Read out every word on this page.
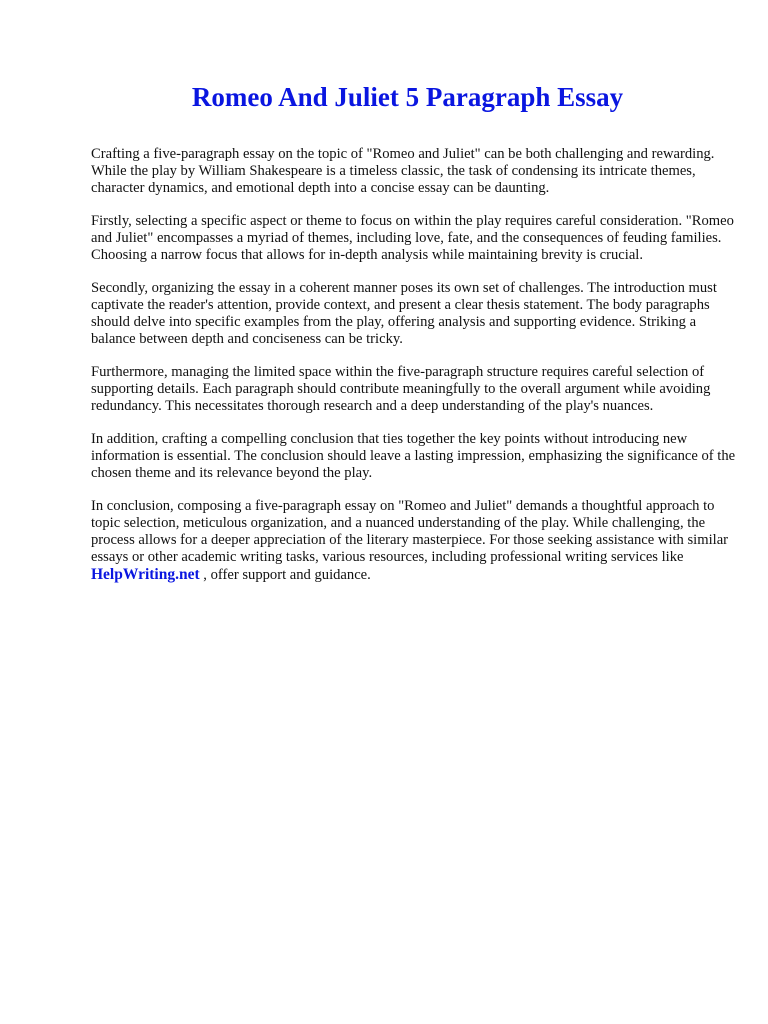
Romeo And Juliet 5 Paragraph Essay

Crafting a five-paragraph essay on the topic of "Romeo and Juliet" can be both challenging and rewarding. While the play by William Shakespeare is a timeless classic, the task of condensing its intricate themes, character dynamics, and emotional depth into a concise essay can be daunting.

Firstly, selecting a specific aspect or theme to focus on within the play requires careful consideration. "Romeo and Juliet" encompasses a myriad of themes, including love, fate, and the consequences of feuding families. Choosing a narrow focus that allows for in-depth analysis while maintaining brevity is crucial.

Secondly, organizing the essay in a coherent manner poses its own set of challenges. The introduction must captivate the reader's attention, provide context, and present a clear thesis statement. The body paragraphs should delve into specific examples from the play, offering analysis and supporting evidence. Striking a balance between depth and conciseness can be tricky.

Furthermore, managing the limited space within the five-paragraph structure requires careful selection of supporting details. Each paragraph should contribute meaningfully to the overall argument while avoiding redundancy. This necessitates thorough research and a deep understanding of the play's nuances.

In addition, crafting a compelling conclusion that ties together the key points without introducing new information is essential. The conclusion should leave a lasting impression, emphasizing the significance of the chosen theme and its relevance beyond the play.

In conclusion, composing a five-paragraph essay on "Romeo and Juliet" demands a thoughtful approach to topic selection, meticulous organization, and a nuanced understanding of the play. While challenging, the process allows for a deeper appreciation of the literary masterpiece. For those seeking assistance with similar essays or other academic writing tasks, various resources, including professional writing services like HelpWriting.net , offer support and guidance.
